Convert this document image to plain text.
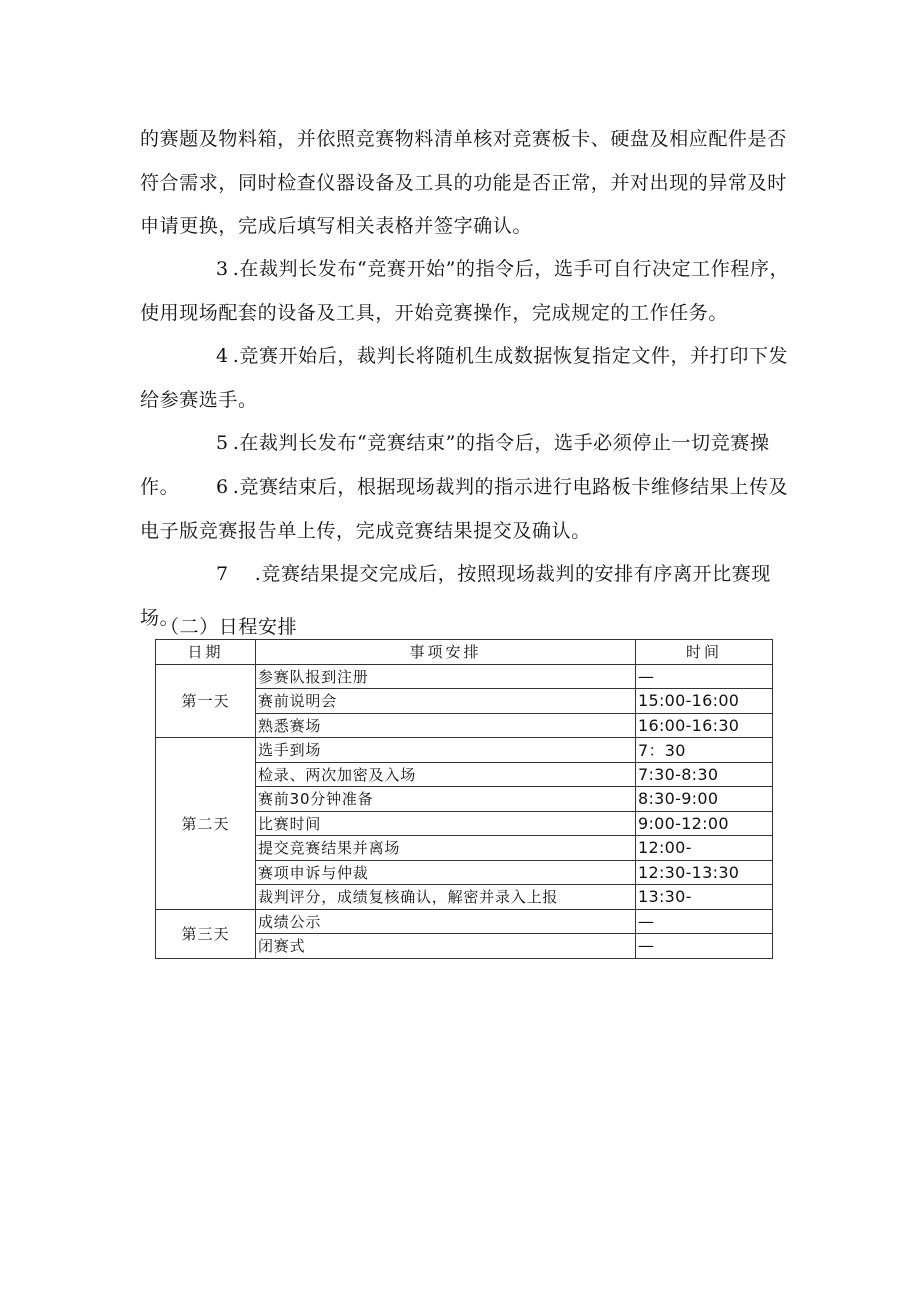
的赛题及物料箱，并依照竞赛物料清单核对竞赛板卡、硬盘及相应配件是否符合需求，同时检查仪器设备及工具的功能是否正常，并对出现的异常及时申请更换，完成后填写相关表格并签字确认。

3 .在裁判长发布“竞赛开始”的指令后，选手可自行决定工作程序，使用现场配套的设备及工具，开始竞赛操作，完成规定的工作任务。

4 .竞赛开始后，裁判长将随机生成数据恢复指定文件，并打印下发给参赛选手。

5 .在裁判长发布“竞赛结束”的指令后，选手必须停止一切竞赛操作。	6 .竞赛结束后，根据现场裁判的指示进行电路板卡维修结果上传及电子版竞赛报告单上传，完成竞赛结果提交及确认。

7 .竞赛结果提交完成后，按照现场裁判的安排有序离开比赛现场。

（二）日程安排
日期	事项安排	时间
第一天	参赛队报到注册	—
	赛前说明会	15:00-16:00
	熟悉赛场	16:00-16:30
第二天	选手到场	7：30
	检录、两次加密及入场	7:30-8:30
	赛前30分钟准备	8:30-9:00
	比赛时间	9:00-12:00
	提交竞赛结果并离场	12:00-
	赛项申诉与仲裁	12:30-13:30
	裁判评分，成绩复核确认，解密并录入上报	13:30-
第三天	成绩公示	—
	闭赛式	—
